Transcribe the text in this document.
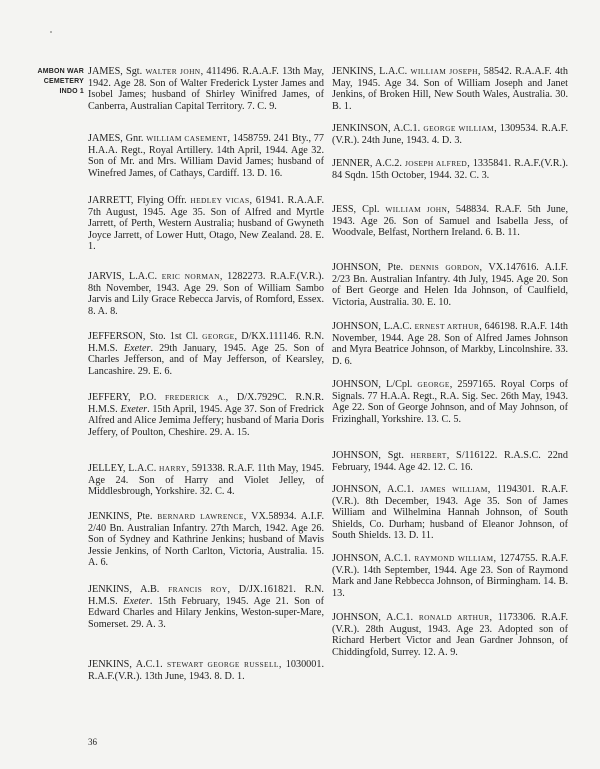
AMBON WAR
CEMETERY
INDO 1

JAMES, Sgt. WALTER JOHN, 411496. R.A.A.F. 13th May, 1942. Age 28. Son of Walter Frederick Lyster James and Isobel James; husband of Shirley Winifred James, of Canberra, Australian Capital Territory. 7. C. 9.

JAMES, Gnr. WILLIAM CASEMENT, 1458759. 241 Bty., 77 H.A.A. Regt., Royal Artillery. 14th April, 1944. Age 32. Son of Mr. and Mrs. William David James; husband of Winefred James, of Cathays, Cardiff. 13. D. 16.

JARRETT, Flying Offr. HEDLEY VICAS, 61941. R.A.A.F. 7th August, 1945. Age 35. Son of Alfred and Myrtle Jarrett, of Perth, Western Australia; husband of Gwyneth Joyce Jarrett, of Lower Hutt, Otago, New Zealand. 28. E. 1.

JARVIS, L.A.C. ERIC NORMAN, 1282273. R.A.F.(V.R.). 8th November, 1943. Age 29. Son of William Sambo Jarvis and Lily Grace Rebecca Jarvis, of Romford, Essex. 8. A. 8.

JEFFERSON, Sto. 1st Cl. GEORGE, D/KX.111146. R.N. H.M.S. Exeter. 29th January, 1945. Age 25. Son of Charles Jefferson, and of May Jefferson, of Kearsley, Lancashire. 29. E. 6.

JEFFERY, P.O. FREDERICK A., D/X.7929C. R.N.R. H.M.S. Exeter. 15th April, 1945. Age 37. Son of Fredrick Alfred and Alice Jemima Jeffery; husband of Maria Doris Jeffery, of Poulton, Cheshire. 29. A. 15.

JELLEY, L.A.C. HARRY, 591338. R.A.F. 11th May, 1945. Age 24. Son of Harry and Violet Jelley, of Middlesbrough, Yorkshire. 32. C. 4.

JENKINS, Pte. BERNARD LAWRENCE, VX.58934. A.I.F. 2/40 Bn. Australian Infantry. 27th March, 1942. Age 26. Son of Sydney and Kathrine Jenkins; husband of Mavis Jessie Jenkins, of North Carlton, Victoria, Australia. 15. A. 6.

JENKINS, A.B. FRANCIS ROY, D/JX.161821. R.N. H.M.S. Exeter. 15th February, 1945. Age 21. Son of Edward Charles and Hilary Jenkins, Weston-super-Mare, Somerset. 29. A. 3.

JENKINS, A.C.1. STEWART GEORGE RUSSELL, 1030001. R.A.F.(V.R.). 13th June, 1943. 8. D. 1.

JENKINS, L.A.C. WILLIAM JOSEPH, 58542. R.A.A.F. 4th May, 1945. Age 34. Son of William Joseph and Janet Jenkins, of Broken Hill, New South Wales, Australia. 30. B. 1.

JENKINSON, A.C.1. GEORGE WILLIAM, 1309534. R.A.F.(V.R.). 24th June, 1943. 4. D. 3.

JENNER, A.C.2. JOSEPH ALFRED, 1335841. R.A.F.(V.R.). 84 Sqdn. 15th October, 1944. 32. C. 3.

JESS, Cpl. WILLIAM JOHN, 548834. R.A.F. 5th June, 1943. Age 26. Son of Samuel and Isabella Jess, of Woodvale, Belfast, Northern Ireland. 6. B. 11.

JOHNSON, Pte. DENNIS GORDON, VX.147616. A.I.F. 2/23 Bn. Australian Infantry. 4th July, 1945. Age 20. Son of Bert George and Helen Ida Johnson, of Caulfield, Victoria, Australia. 30. E. 10.

JOHNSON, L.A.C. ERNEST ARTHUR, 646198. R.A.F. 14th November, 1944. Age 28. Son of Alfred James Johnson and Myra Beatrice Johnson, of Markby, Lincolnshire. 33. D. 6.

JOHNSON, L/Cpl. GEORGE, 2597165. Royal Corps of Signals. 77 H.A.A. Regt., R.A. Sig. Sec. 26th May, 1943. Age 22. Son of George Johnson, and of May Johnson, of Frizinghall, Yorkshire. 13. C. 5.

JOHNSON, Sgt. HERBERT, S/116122. R.A.S.C. 22nd February, 1944. Age 42. 12. C. 16.

JOHNSON, A.C.1. JAMES WILLIAM, 1194301. R.A.F.(V.R.). 8th December, 1943. Age 35. Son of James William and Wilhelmina Hannah Johnson, of South Shields, Co. Durham; husband of Eleanor Johnson, of South Shields. 13. D. 11.

JOHNSON, A.C.1. RAYMOND WILLIAM, 1274755. R.A.F.(V.R.). 14th September, 1944. Age 23. Son of Raymond Mark and Jane Rebbecca Johnson, of Birmingham. 14. B. 13.

JOHNSON, A.C.1. RONALD ARTHUR, 1173306. R.A.F.(V.R.). 28th August, 1943. Age 23. Adopted son of Richard Herbert Victor and Jean Gardner Johnson, of Chiddingfold, Surrey. 12. A. 9.

36
